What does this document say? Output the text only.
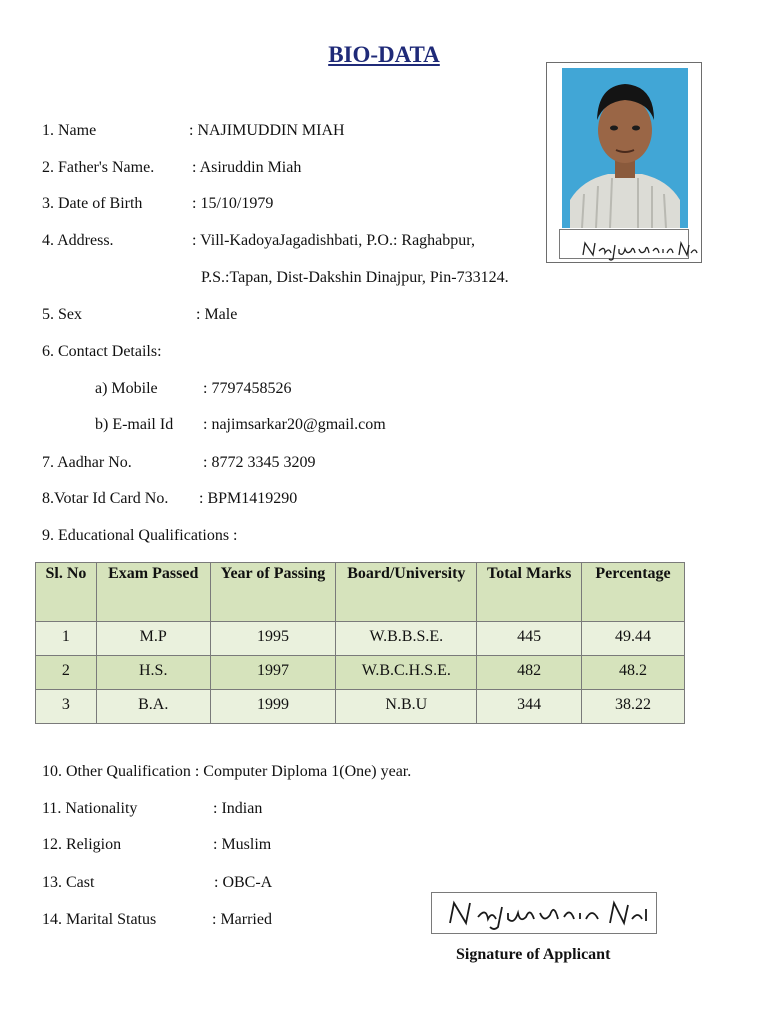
BIO-DATA
1. Name	: NAJIMUDDIN MIAH
2. Father's Name. : Asiruddin Miah
3. Date of Birth	: 15/10/1979
4. Address.	: Vill-KadoyaJagadishbati, P.O.: Raghabpur,
P.S.:Tapan, Dist-Dakshin Dinajpur, Pin-733124.
5. Sex	: Male
6. Contact Details:
a) Mobile	: 7797458526
b) E-mail Id : najimsarkar20@gmail.com
7. Aadhar No.	: 8772 3345 3209
8.Votar Id Card No. : BPM1419290
9. Educational Qualifications :
Sl. No	Exam Passed	Year of Passing	Board/University	Total Marks	Percentage
1	M.P	1995	W.B.B.S.E.	445	49.44
2	H.S.	1997	W.B.C.H.S.E.	482	48.2
3	B.A.	1999	N.B.U	344	38.22
10. Other Qualification : Computer Diploma 1(One) year.
11. Nationality	: Indian
12. Religion	: Muslim
13. Cast	: OBC-A
14. Marital Status	: Married
Signature of Applicant
